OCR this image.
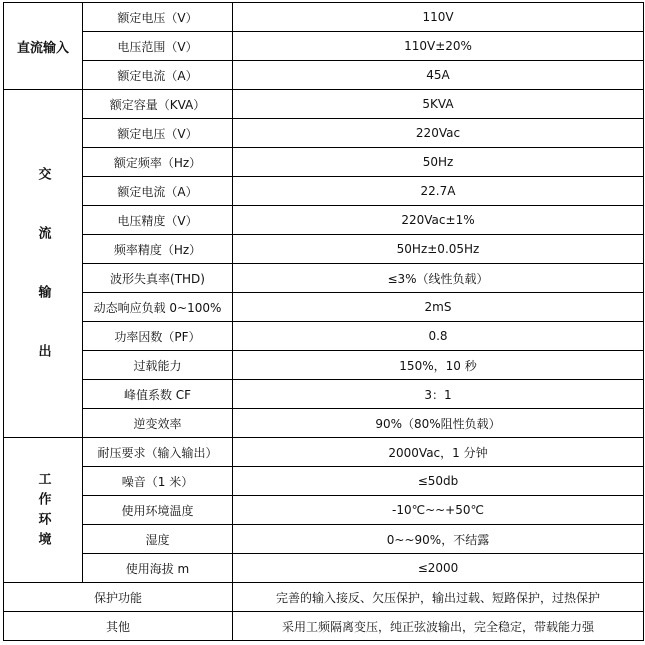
直流输入	额定电压（V）	110V
	电压范围（V）	110V±20%
	额定电流（A）	45A
交流输出	额定容量（KVA）	5KVA
	额定电压（V）	220Vac
	额定频率（Hz）	50Hz
	额定电流（A）	22.7A
	电压精度（V）	220Vac±1%
	频率精度（Hz）	50Hz±0.05Hz
	波形失真率(THD)	≤3%（线性负载）
	动态响应负载 0~100%	2mS
	功率因数（PF）	0.8
	过载能力	150%，10 秒
	峰值系数 CF	3：1
	逆变效率	90%（80%阻性负载）
工作环境	耐压要求（输入输出）	2000Vac，1 分钟
	噪音（1 米）	≤50db
	使用环境温度	-10℃~~+50℃
	湿度	0~~90%，不结露
	使用海拔 m	≤2000
保护功能		完善的输入接反、欠压保护，输出过载、短路保护，过热保护
其他		采用工频隔离变压，纯正弦波输出，完全稳定，带载能力强
